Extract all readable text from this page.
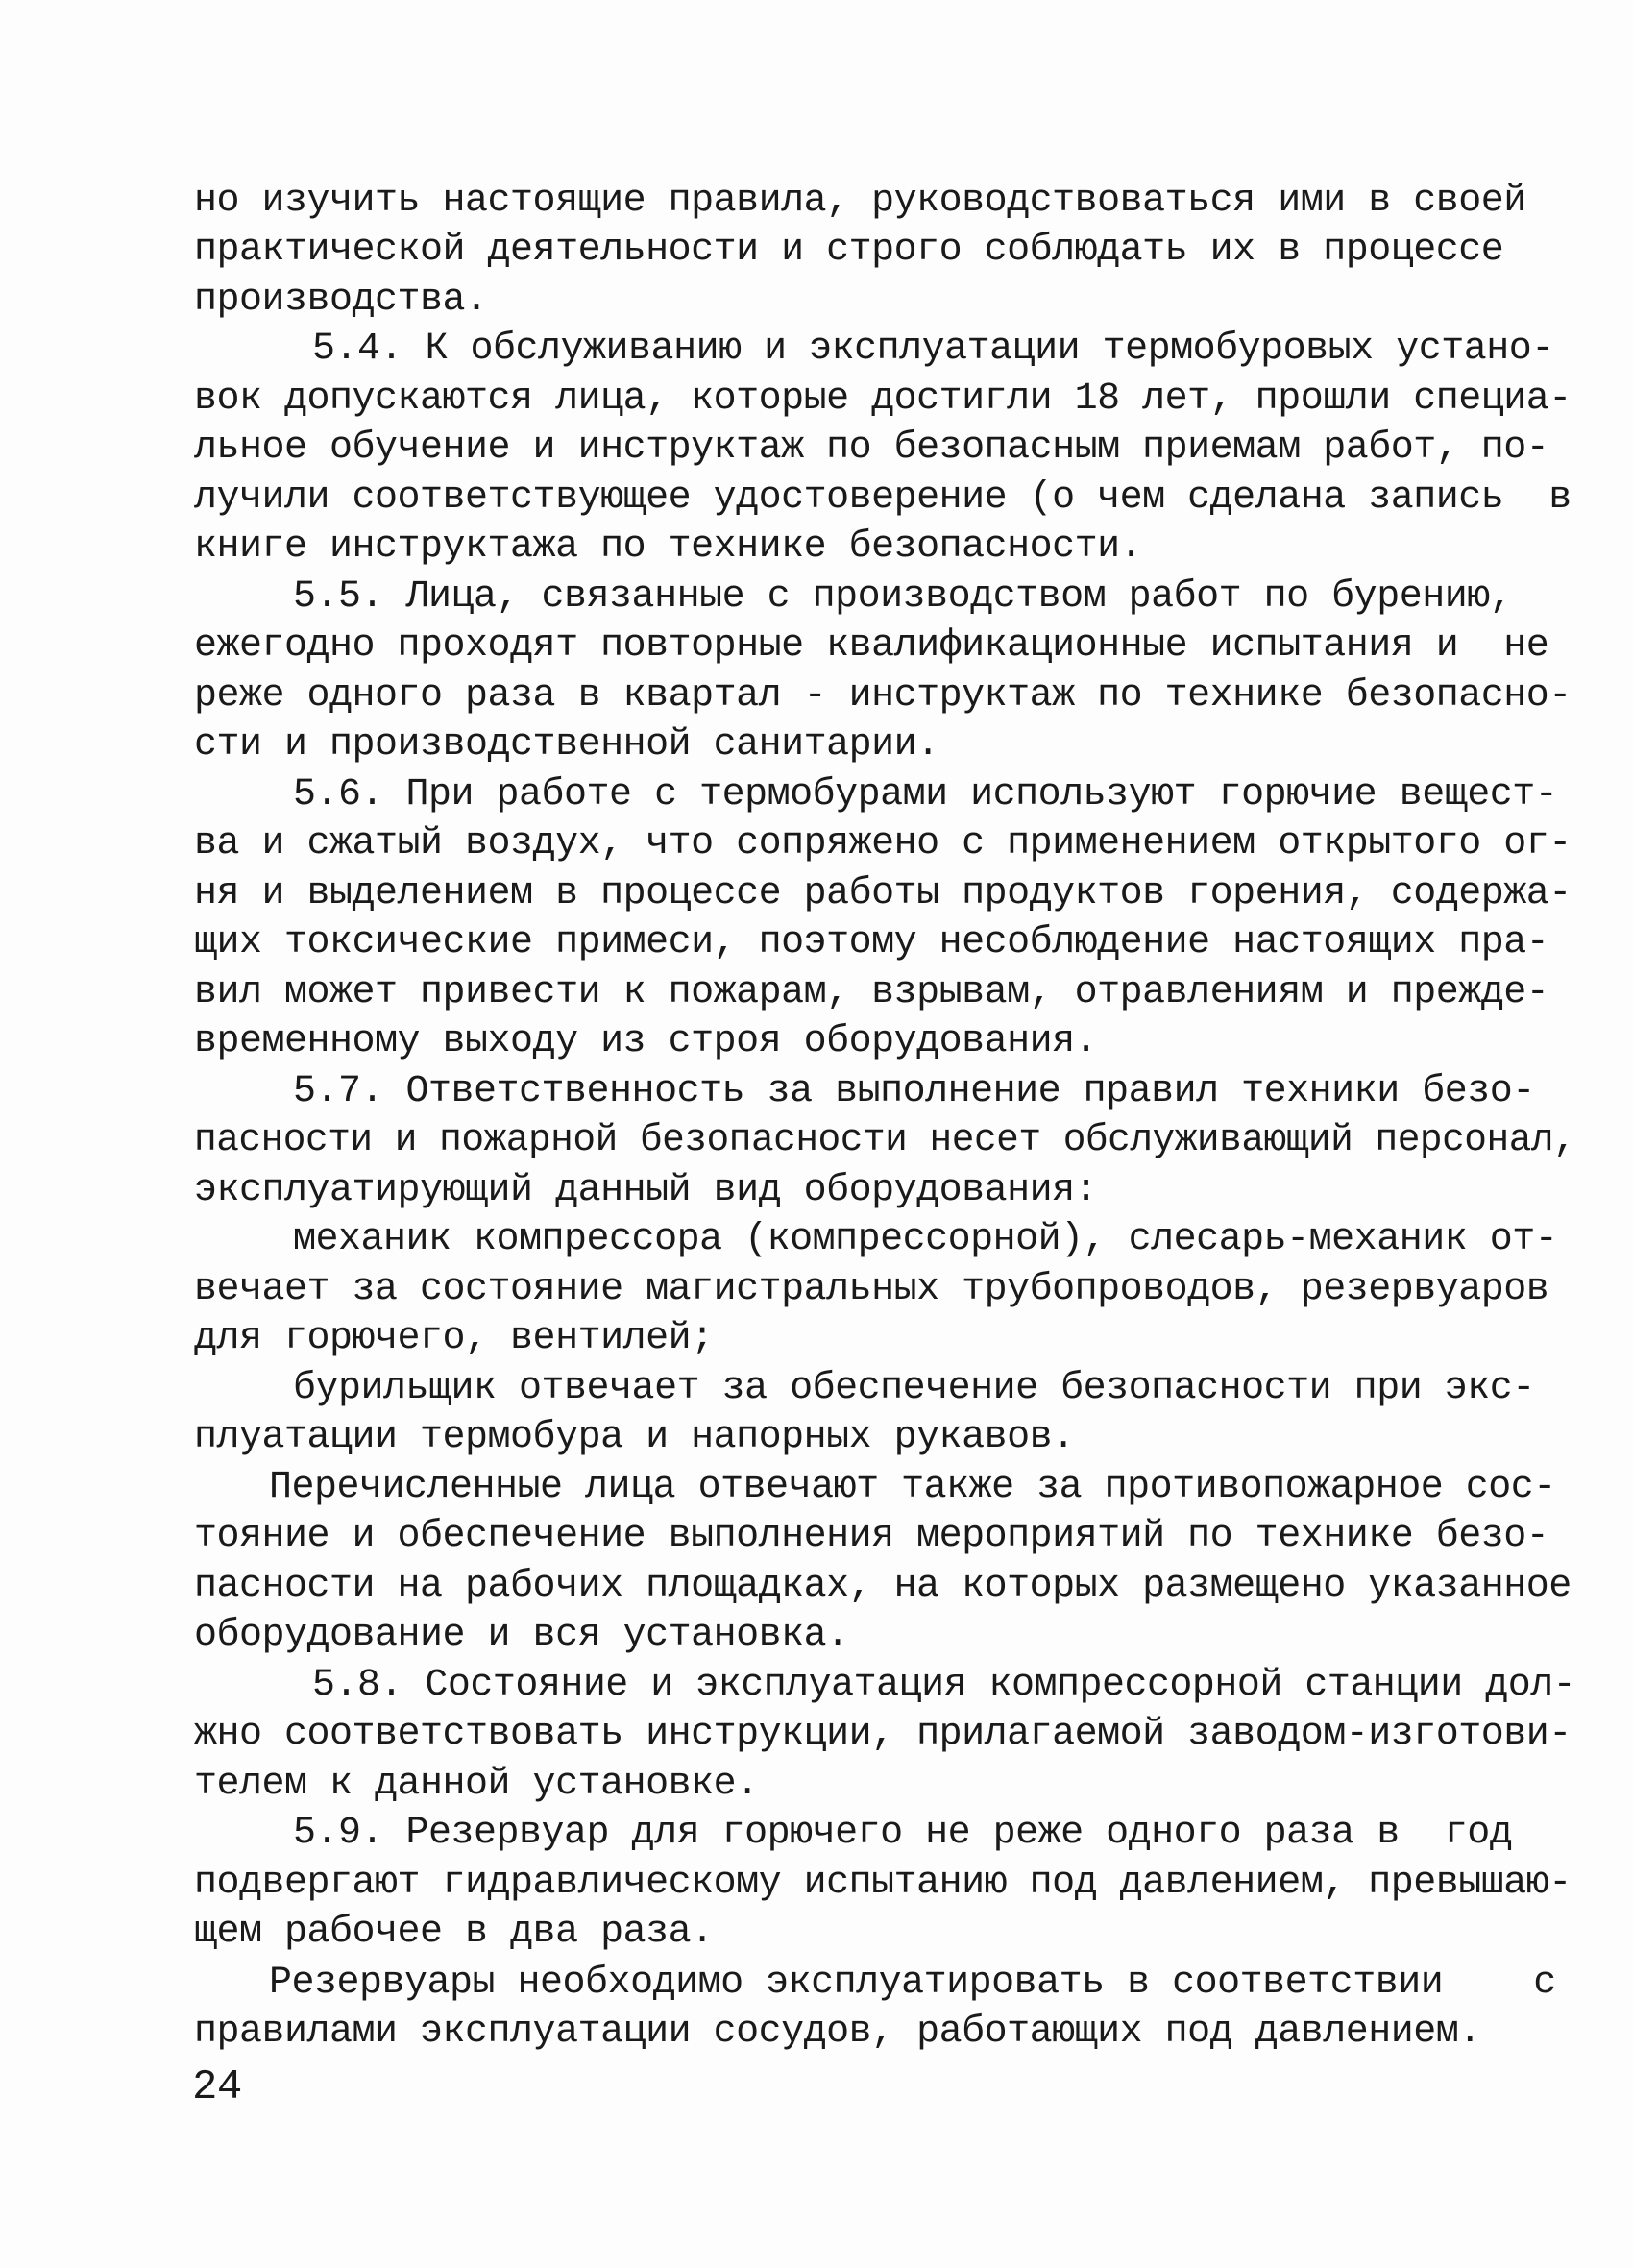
но изучить настоящие правила, руководствоваться ими в своей
практической деятельности и строго соблюдать их в процессе
производства.
5.4. К обслуживанию и эксплуатации термобуровых устано-
вок допускаются лица, которые достигли 18 лет, прошли специа-
льное обучение и инструктаж по безопасным приемам работ, по-
лучили соответствующее удостоверение (о чем сделана запись  в
книге инструктажа по технике безопасности.
5.5. Лица, связанные с производством работ по бурению,
ежегодно проходят повторные квалификационные испытания и  не
реже одного раза в квартал - инструктаж по технике безопасно-
сти и производственной санитарии.
5.6. При работе с термобурами используют горючие вещест-
ва и сжатый воздух, что сопряжено с применением открытого ог-
ня и выделением в процессе работы продуктов горения, содержа-
щих токсические примеси, поэтому несоблюдение настоящих пра-
вил может привести к пожарам, взрывам, отравлениям и прежде-
временному выходу из строя оборудования.
5.7. Ответственность за выполнение правил техники безо-
пасности и пожарной безопасности несет обслуживающий персонал,
эксплуатирующий данный вид оборудования:
механик компрессора (компрессорной), слесарь-механик от-
вечает за состояние магистральных трубопроводов, резервуаров
для горючего, вентилей;
бурильщик отвечает за обеспечение безопасности при экс-
плуатации термобура и напорных рукавов.
Перечисленные лица отвечают также за противопожарное сос-
тояние и обеспечение выполнения мероприятий по технике безо-
пасности на рабочих площадках, на которых размещено указанное
оборудование и вся установка.
5.8. Состояние и эксплуатация компрессорной станции дол-
жно соответствовать инструкции, прилагаемой заводом-изготови-
телем к данной установке.
5.9. Резервуар для горючего не реже одного раза в  год
подвергают гидравлическому испытанию под давлением, превышаю-
щем рабочее в два раза.
Резервуары необходимо эксплуатировать в соответствии    с
правилами эксплуатации сосудов, работающих под давлением.
24
